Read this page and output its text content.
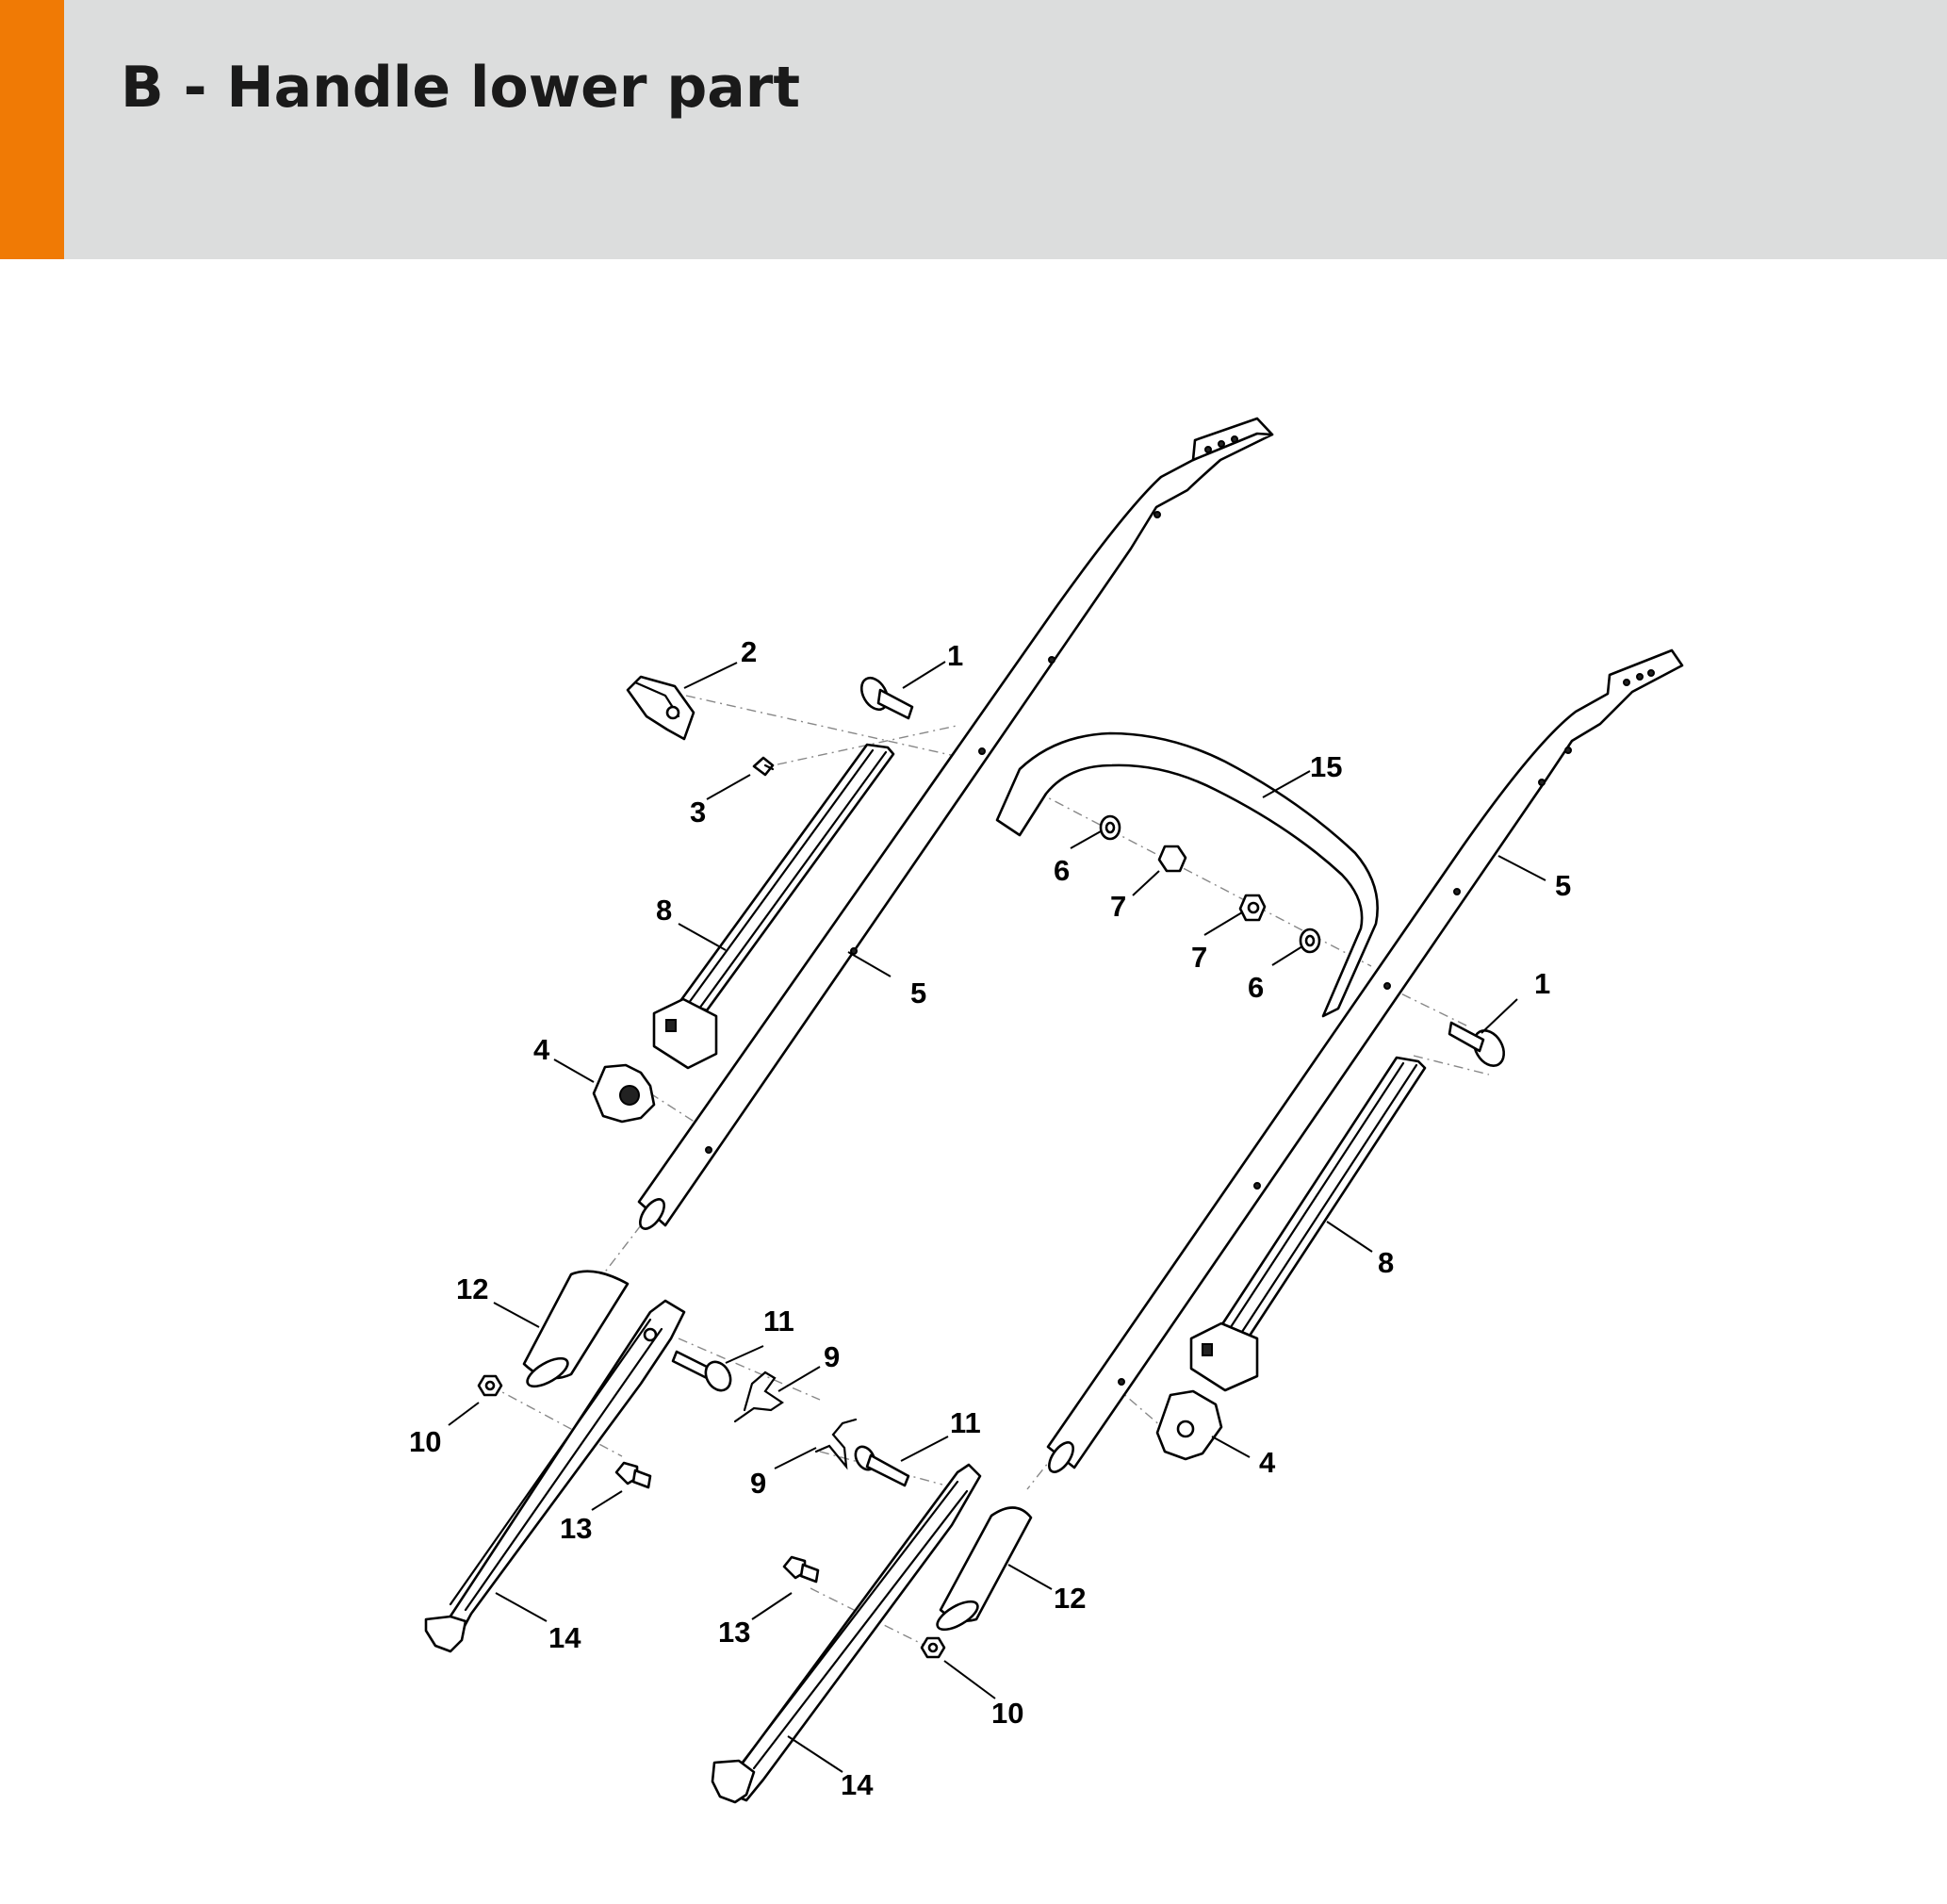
B - Handle lower part
1
2
3
8
5
4
15
6
7
7
6
5
1
8
12
11
9
10
13
14
11
9
4
12
13
10
14
